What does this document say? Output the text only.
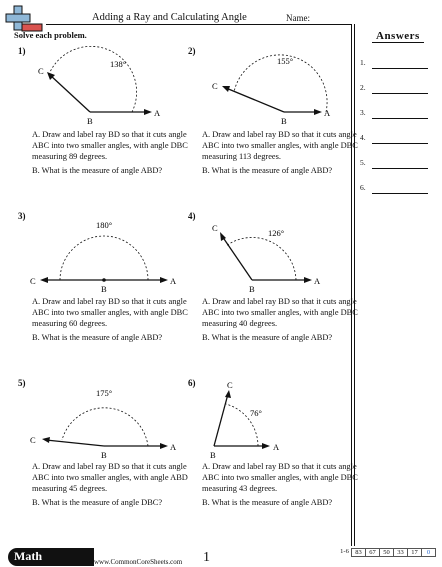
Adding a Ray and Calculating Angle	Name:
Solve each problem.	Answers
1.
2.
3.
4.
5.
6.
1)
138°
C
B
A

A. Draw and label ray BD so that it cuts angle ABC into two smaller angles, with angle DBC measuring 89 degrees.

B. What is the measure of angle ABD?

2)
155°
C
B
A

A. Draw and label ray BD so that it cuts angle ABC into two smaller angles, with angle DBC measuring 113 degrees.

B. What is the measure of angle ABD?

3)
180°
C
B
A

A. Draw and label ray BD so that it cuts angle ABC into two smaller angles, with angle DBC measuring 60 degrees.

B. What is the measure of angle ABD?

4)
126°
C
B
A

A. Draw and label ray BD so that it cuts angle ABC into two smaller angles, with angle DBC measuring 40 degrees.

B. What is the measure of angle ABD?

5)
175°
C
B
A

A. Draw and label ray BD so that it cuts angle ABC into two smaller angles, with angle ABD measuring 45 degrees.

B. What is the measure of angle DBC?

6)
76°
C
B
A

A. Draw and label ray BD so that it cuts angle ABC into two smaller angles, with angle DBC measuring 43 degrees.

B. What is the measure of angle ABD?

Math	www.CommonCoreSheets.com 1	1-6 83	67	50	33	17	0
